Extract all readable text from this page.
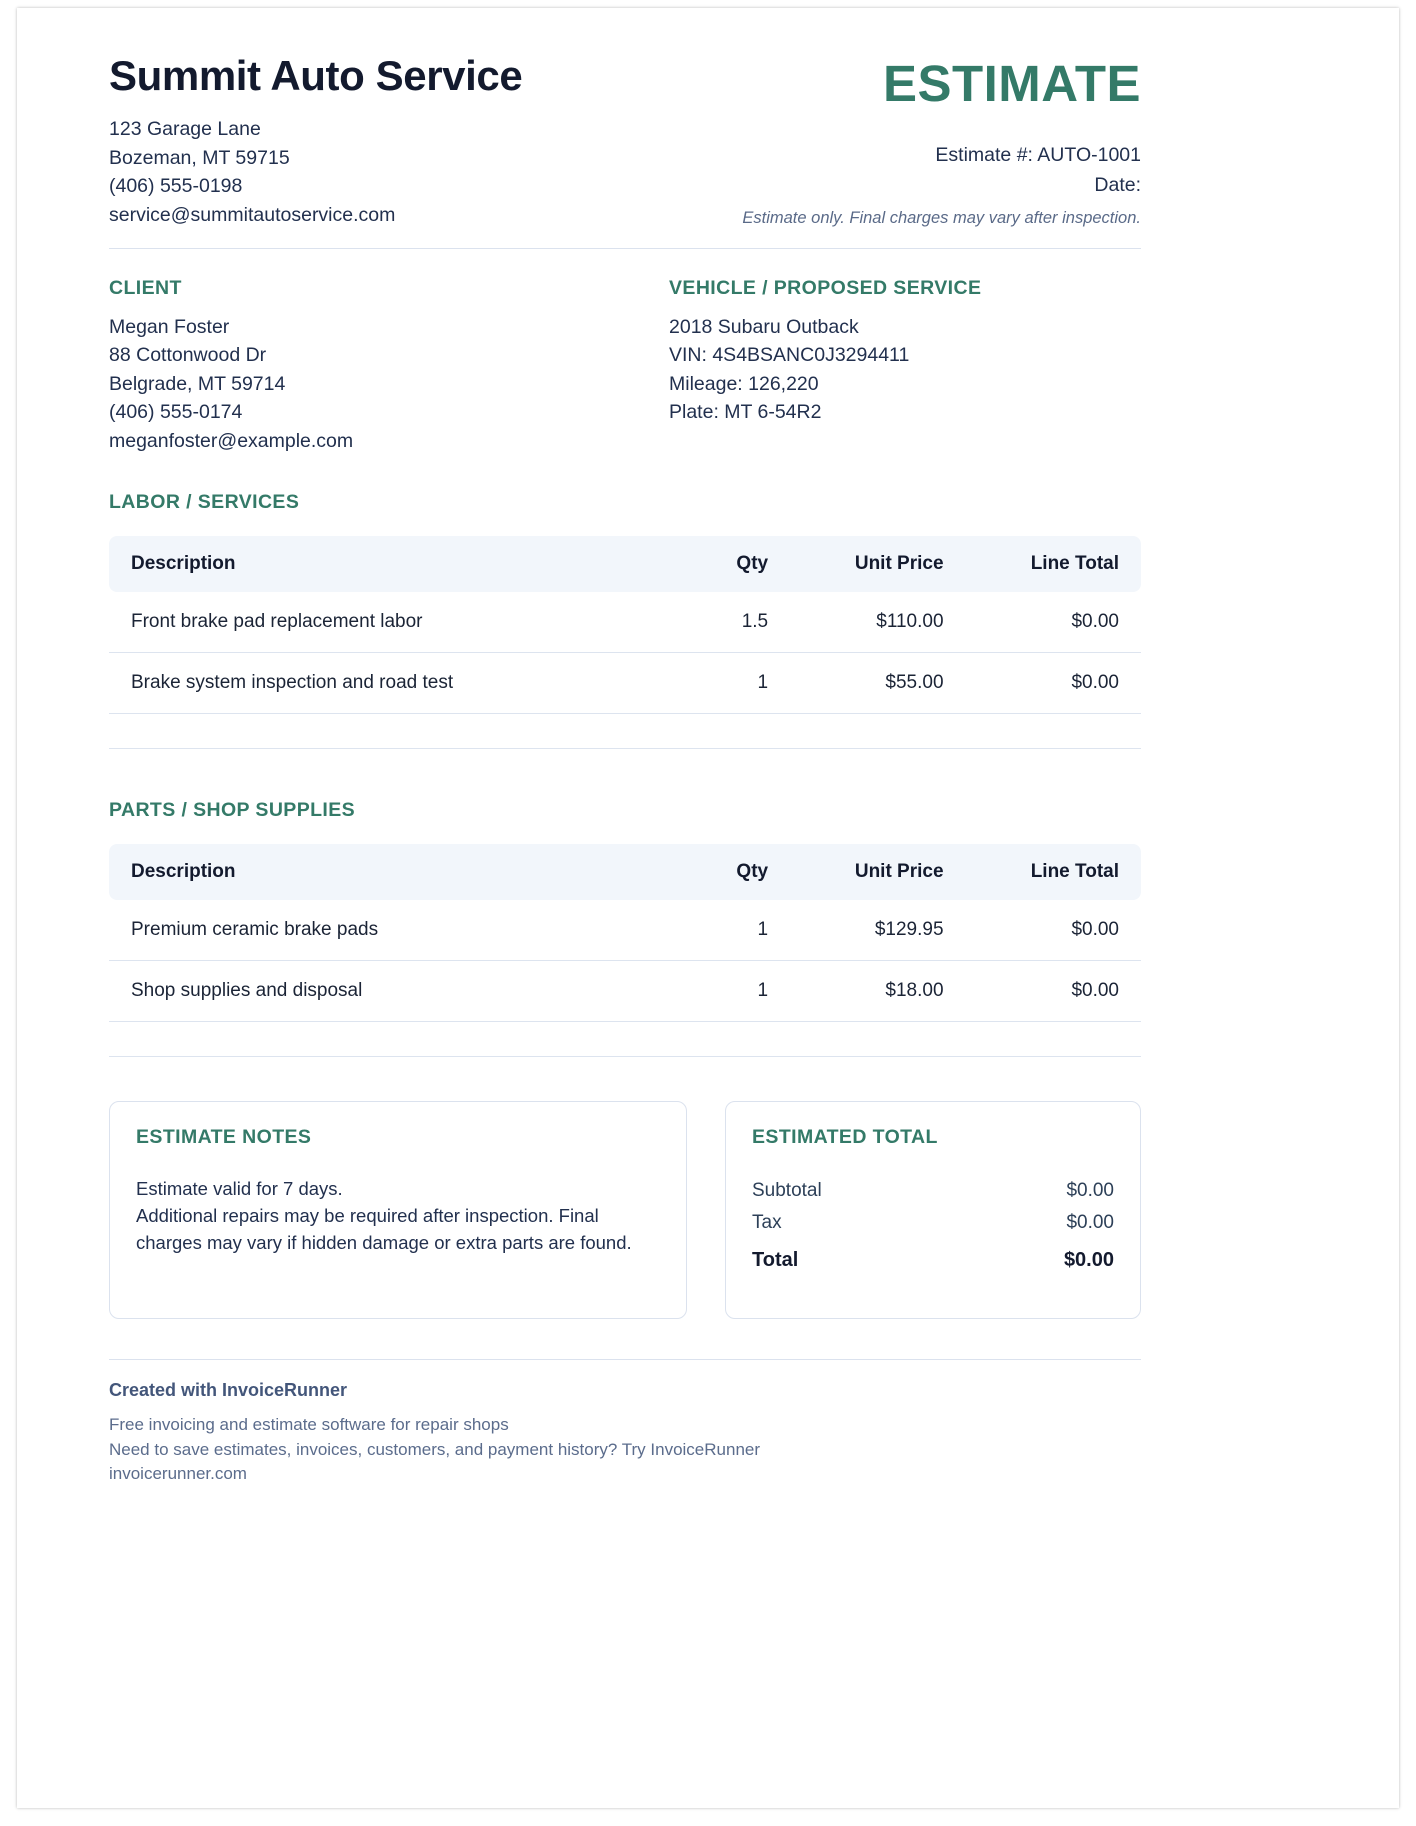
Summit Auto Service
123 Garage Lane
Bozeman, MT 59715
(406) 555-0198
service@summitautoservice.com
ESTIMATE
Estimate #: AUTO-1001
Date:
Estimate only. Final charges may vary after inspection.
CLIENT
Megan Foster
88 Cottonwood Dr
Belgrade, MT 59714
(406) 555-0174
meganfoster@example.com
VEHICLE / PROPOSED SERVICE
2018 Subaru Outback
VIN: 4S4BSANC0J3294411
Mileage: 126,220
Plate: MT 6-54R2
LABOR / SERVICES
Description	Qty	Unit Price	Line Total
Front brake pad replacement labor	1.5	$110.00	$0.00
Brake system inspection and road test	1	$55.00	$0.00

PARTS / SHOP SUPPLIES
Description	Qty	Unit Price	Line Total
Premium ceramic brake pads	1	$129.95	$0.00
Shop supplies and disposal	1	$18.00	$0.00

ESTIMATE NOTES
Estimate valid for 7 days.
Additional repairs may be required after inspection. Final charges may vary if hidden damage or extra parts are found.
ESTIMATED TOTAL
Subtotal	$0.00
Tax	$0.00
Total	$0.00
Created with InvoiceRunner
Free invoicing and estimate software for repair shops
Need to save estimates, invoices, customers, and payment history? Try InvoiceRunner
invoicerunner.com
